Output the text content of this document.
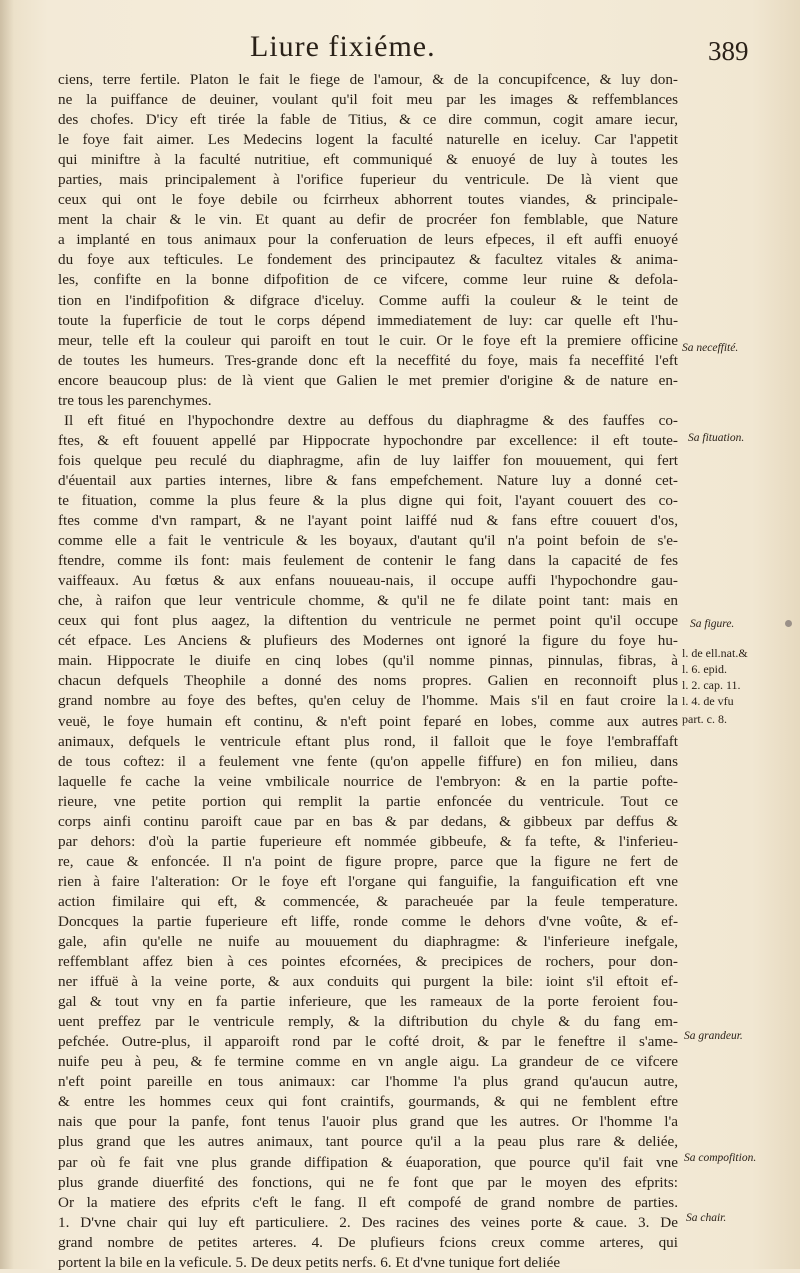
Liure fixiéme.	389
ciens, terre fertile. Platon le fait le fiege de l'amour, & de la concupifcence, & luy don-
ne la puiffance de deuiner, voulant qu'il foit meu par les images & reffemblances
des chofes. D'icy eft tirée la fable de Titius, & ce dire commun, cogit amare iecur,
le foye fait aimer. Les Medecins logent la faculté naturelle en iceluy. Car l'appetit
qui miniftre à la faculté nutritiue, eft communiqué & enuoyé de luy à toutes les
parties, mais principalement à l'orifice fuperieur du ventricule. De là vient que
ceux qui ont le foye debile ou fcirrheux abhorrent toutes viandes, & principale-
ment la chair & le vin. Et quant au defir de procréer fon femblable, que Nature
a implanté en tous animaux pour la conferuation de leurs efpeces, il eft auffi enuoyé
du foye aux tefticules. Le fondement des principautez & facultez vitales & anima-
les, confifte en la bonne difpofition de ce vifcere, comme leur ruine & defola-
tion en l'indifpofition & difgrace d'iceluy. Comme auffi la couleur & le teint de
toute la fuperficie de tout le corps dépend immediatement de luy: car quelle eft l'hu-
meur, telle eft la couleur qui paroift en tout le cuir. Or le foye eft la premiere officine
de toutes les humeurs. Tres-grande donc eft la neceffité du foye, mais fa neceffité l'eft
encore beaucoup plus: de là vient que Galien le met premier d'origine & de nature en-
tre tous les parenchymes.
Il eft fitué en l'hypochondre dextre au deffous du diaphragme & des fauffes co-
ftes, & eft fouuent appellé par Hippocrate hypochondre par excellence: il eft toute-
fois quelque peu reculé du diaphragme, afin de luy laiffer fon mouuement, qui fert
d'éuentail aux parties internes, libre & fans empefchement. Nature luy a donné cet-
te fituation, comme la plus feure & la plus digne qui foit, l'ayant couuert des co-
ftes comme d'vn rampart, & ne l'ayant point laiffé nud & fans eftre couuert d'os,
comme elle a fait le ventricule & les boyaux, d'autant qu'il n'a point befoin de s'e-
ftendre, comme ils font: mais feulement de contenir le fang dans la capacité de fes
vaiffeaux. Au fœtus & aux enfans nouueau-nais, il occupe auffi l'hypochondre gau-
che, à raifon que leur ventricule chomme, & qu'il ne fe dilate point tant: mais en
ceux qui font plus aagez, la diftention du ventricule ne permet point qu'il occupe
cét efpace. Les Anciens & plufieurs des Modernes ont ignoré la figure du foye hu-
main. Hippocrate le diuife en cinq lobes (qu'il nomme pinnas, pinnulas, fibras, à
chacun defquels Theophile a donné des noms propres. Galien en reconnoift plus
grand nombre au foye des beftes, qu'en celuy de l'homme. Mais s'il en faut croire la
veuë, le foye humain eft continu, & n'eft point feparé en lobes, comme aux autres
animaux, defquels le ventricule eftant plus rond, il falloit que le foye l'embraffaft
de tous coftez: il a feulement vne fente (qu'on appelle fiffure) en fon milieu, dans
laquelle fe cache la veine vmbilicale nourrice de l'embryon: & en la partie pofte-
rieure, vne petite portion qui remplit la partie enfoncée du ventricule. Tout ce
corps ainfi continu paroift caue par en bas & par dedans, & gibbeux par deffus &
par dehors: d'où la partie fuperieure eft nommée gibbeufe, & fa tefte, & l'inferieu-
re, caue & enfoncée. Il n'a point de figure propre, parce que la figure ne fert de
rien à faire l'alteration: Or le foye eft l'organe qui fanguifie, la fanguification eft vne
action fimilaire qui eft, & commencée, & paracheuée par la feule temperature.
Doncques la partie fuperieure eft liffe, ronde comme le dehors d'vne voûte, & ef-
gale, afin qu'elle ne nuife au mouuement du diaphragme: & l'inferieure inefgale,
reffemblant affez bien à ces pointes efcornées, & precipices de rochers, pour don-
ner iffuë à la veine porte, & aux conduits qui purgent la bile: ioint s'il eftoit ef-
gal & tout vny en fa partie inferieure, que les rameaux de la porte feroient fou-
uent preffez par le ventricule remply, & la diftribution du chyle & du fang em-
pefchée. Outre-plus, il apparoift rond par le cofté droit, & par le feneftre il s'ame-
nuife peu à peu, & fe termine comme en vn angle aigu. La grandeur de ce vifcere
n'eft point pareille en tous animaux: car l'homme l'a plus grand qu'aucun autre,
& entre les hommes ceux qui font craintifs, gourmands, & qui ne femblent eftre
nais que pour la panfe, font tenus l'auoir plus grand que les autres. Or l'homme l'a
plus grand que les autres animaux, tant pource qu'il a la peau plus rare & deliée,
par où fe fait vne plus grande diffipation & éuaporation, que pource qu'il fait vne
plus grande diuerfité des fonctions, qui ne fe font que par le moyen des efprits:
Or la matiere des efprits c'eft le fang. Il eft compofé de grand nombre de parties.
1. D'vne chair qui luy eft particuliere. 2. Des racines des veines porte & caue. 3. De
grand nombre de petites arteres. 4. De plufieurs fcions creux comme arteres, qui
portent la bile en la veficule. 5. De deux petits nerfs. 6. Et d'vne tunique fort deliée
Sa neceffité.
Sa fituation.
Sa figure.
l. de ell.nat.&
l. 6. epid.
l. 2. cap. 11.
l. 4. de vfu
part. c. 8.
Sa grandeur.
Sa compofition.
Sa chair.
